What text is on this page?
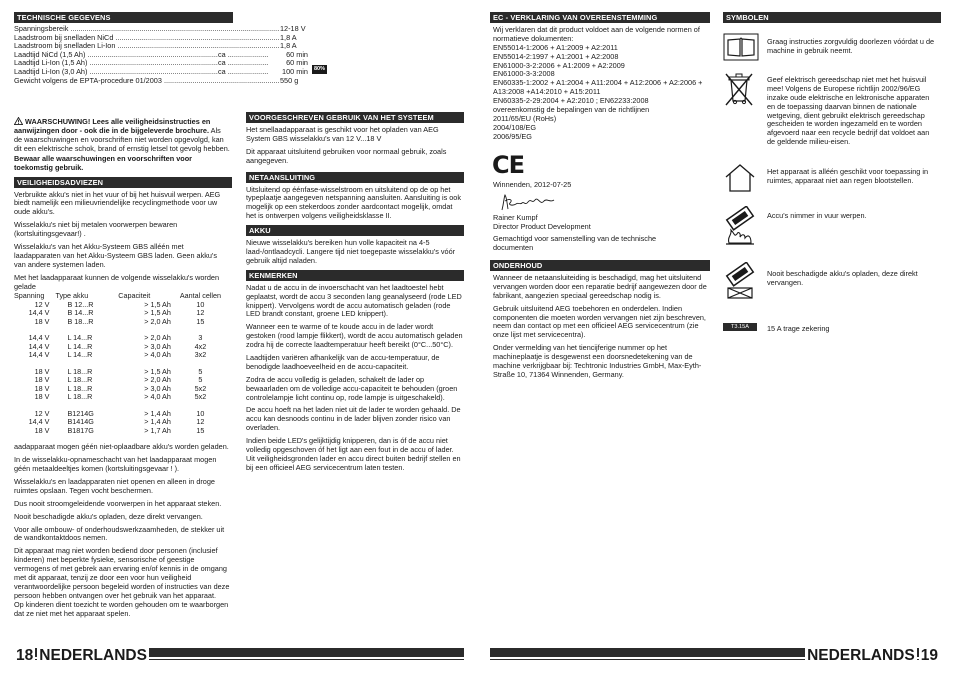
TECHNISCHE GEGEVENS
Spanningsbereik .....	12-18 V
Laadstroom bij snelladen NiCd .....	1,8 A
Laadstroom bij snelladen Li-Ion .....	1,8 A
Laadtijd NiCd (1,5 Ah) .....	ca .....	60 min
Laadtijd Li-Ion (1,5 Ah) .....	ca .....	60 min
Laadtijd Li-Ion (3,0 Ah) .....	ca .....	100 min	80%
Gewicht volgens de EPTA-procedure 01/2003 .....	550 g

WAARSCHUWING! Lees alle veiligheidsinstructies en aanwijzingen door - ook die in de bijgeleverde brochure. Als de waarschuwingen en voorschriften niet worden opgevolgd, kan dit een elektrische schok, brand of ernstig letsel tot gevolg hebben.

Bewaar alle waarschuwingen en voorschriften voor toekomstig gebruik.

VEILIGHEIDSADVIEZEN

Verbruikte akku's niet in het vuur of bij het huisvuil werpen. AEG biedt namelijk een milieuvriendelijke recyclingmethode voor uw oude akku's.

Wisselakku's niet bij metalen voorwerpen bewaren (kortsluitingsgevaar!) .

Wisselakku's van het Akku-Systeem GBS alléén met laadapparaten van het Akku-Systeem GBS laden. Geen akku's van andere systemen laden.

Met het laadapparaat kunnen de volgende wisselakku's worden gelade

Spanning	Type akku	Capaciteit	Aantal cellen
12 V	B 12...R	> 1,5 Ah	10
14,4 V	B 14...R	> 1,5 Ah	12
18 V	B 18...R	> 2,0 Ah	15

14,4 V	L 14...R	> 2,0 Ah	3
14,4 V	L 14...R	> 3,0 Ah	4x2
14,4 V	L 14...R	> 4,0 Ah	3x2

18 V	L 18...R	> 1,5 Ah	5
18 V	L 18...R	> 2,0 Ah	5
18 V	L 18...R	> 3,0 Ah	5x2
18 V	L 18...R	> 4,0 Ah	5x2

12 V	B1214G	> 1,4 Ah	10
14,4 V	B1414G	> 1,4 Ah	12
18 V	B1817G	> 1,7 Ah	15

aadapparaat mogen géén niet-oplaadbare akku's worden geladen.

In de wisselakku-opnameschacht van het laadapparaat mogen géén metaaldeeltjes komen (kortsluitingsgevaar ! ).

Wisselakku's en laadapparaten niet openen en alleen in droge ruimtes opslaan. Tegen vocht beschermen.

Dus nooit stroomgeleidende voorwerpen in het apparaat steken.

Nooit beschadigde akku's opladen, deze direkt vervangen.

Voor alle ombouw- of onderhoudswerkzaamheden, de stekker uit de wandkontaktdoos nemen.

Dit apparaat mag niet worden bediend door personen (inclusief kinderen) met beperkte fysieke, sensorische of geestige vermogens of met gebrek aan ervaring en/of kennis in de omgang met dit apparaat, tenzij ze door een voor hun veiligheid verantwoordelijke persoon begeleid worden of instructies van deze persoon hebben ontvangen over het gebruik van het apparaat.

Op kinderen dient toezicht te worden gehouden om te waarborgen dat ze niet met het apparaat spelen.

VOORGESCHREVEN GEBRUIK VAN HET SYSTEEM

Het snellaadapparaat is geschikt voor het opladen van AEG System GBS wisselakku's van 12 V...18 V

Dit apparaat uitsluitend gebruiken voor normaal gebruik, zoals aangegeven.

NETAANSLUITING

Uitsluitend op éénfase-wisselstroom en uitsluitend op de op het typeplaatje aangegeven netspanning aansluiten. Aansluiting is ook mogelijk op een stekerdoos zonder aardcontact mogelijk, omdat het is ontwerpen volgens veiligheidsklasse II.

AKKU

Nieuwe wisselakku's bereiken hun volle kapaciteit na 4-5 laad-/ontlaadcycli. Langere tijd niet toegepaste wisselakku's vóór gebruik altijd naladen.

KENMERKEN

Nadat u de accu in de invoerschacht van het laadtoestel hebt geplaatst, wordt de accu 3 seconden lang geanalyseerd (rode LED knippert). Vervolgens wordt de accu automatisch geladen (rode LED brandt constant, groene LED knippert).

Wanneer een te warme of te koude accu in de lader wordt gestoken (rood lampje flikkert), wordt de accu automatisch geladen zodra hij de correcte laadtemperatuur heeft bereikt (0°C...50°C).

Laadtijden variëren afhankelijk van de accu-temperatuur, de benodigde laadhoeveelheid en de accu-capaciteit.

Zodra de accu volledig is geladen, schakelt de lader op bewaarladen om de volledige accu-capaciteit te behouden (groen controlelampje licht continu op, rode lampje is uitgeschakeld).

De accu hoeft na het laden niet uit de lader te worden gehaald. De accu kan desnoods continu in de lader blijven zonder risico van overladen.

Indien beide LED's gelijktijdig knipperen, dan is óf de accu niet volledig opgeschoven óf het ligt aan een fout in de accu of lader. Uit veiligheidsgronden lader en accu direct buiten bedrijf stellen en bij een officieel AEG servicecentrum laten testen.

EC - VERKLARING VAN OVEREENSTEMMING
Wij verklaren dat dit product voldoet aan de volgende normen of normatieve dokumenten:
EN55014-1:2006 + A1:2009 + A2:2011
EN55014-2:1997 + A1:2001 + A2:2008
EN61000-3-2:2006 + A1:2009 + A2:2009
EN61000-3-3:2008
EN60335-1:2002 + A1:2004 + A11:2004 + A12:2006 + A2:2006 + A13:2008 +A14:2010 + A15:2011
EN60335-2-29:2004 + A2:2010 ; EN62233:2008
overeenkomstig de bepalingen van de richtlijnen
2011/65/EU (RoHs)
2004/108/EG
2006/95/EG
CE
Winnenden, 2012-07-25
Rainer Kumpf
Director Product Development
Gemachtigd voor samenstelling van de technische documenten
ONDERHOUD

Wanneer de netaansluiteiding is beschadigd, mag het uitsluitend vervangen worden door een reparatie bedrijf aangewezen door de fabrikant, aangezien speciaal gereedschap nodig is.

Gebruik uitsluitend AEG toebehoren en onderdelen. Indien componenten die moeten worden vervangen niet zijn beschreven, neem dan contact op met een officieel AEG servicecentrum (zie onze lijst met servicecentra).

Onder vermelding van het tiencijferige nummer op het machineplaatje is desgewenst een doorsnedetekening van de machine verkrijgbaar bij: Techtronic Industries GmbH, Max-Eyth-Straße 10, 71364 Winnenden, Germany.

SYMBOLEN
Graag instructies zorgvuldig doorlezen vóórdat u de machine in gebruik neemt.
Geef elektrisch gereedschap niet met het huisvuil mee! Volgens de Europese richtlijn 2002/96/EG inzake oude elektrische en lektronische apparaten en de toepassing daarvan binnen de nationale wetgeving, dient gebruikt elektrisch gereedschap gescheiden te worden ingezameld en te worden afgevoerd naar een recycle bedrijf dat voldoet aan de geldende milieu-eisen.
Het apparaat is alléén geschikt voor toepassing in ruimtes, apparaat niet aan regen blootstellen.
Accu's nimmer in vuur werpen.
Nooit beschadigde akku's opladen, deze direkt vervangen.
T3.15A	15 A trage zekering
18 NEDERLANDS	NEDERLANDS 19
